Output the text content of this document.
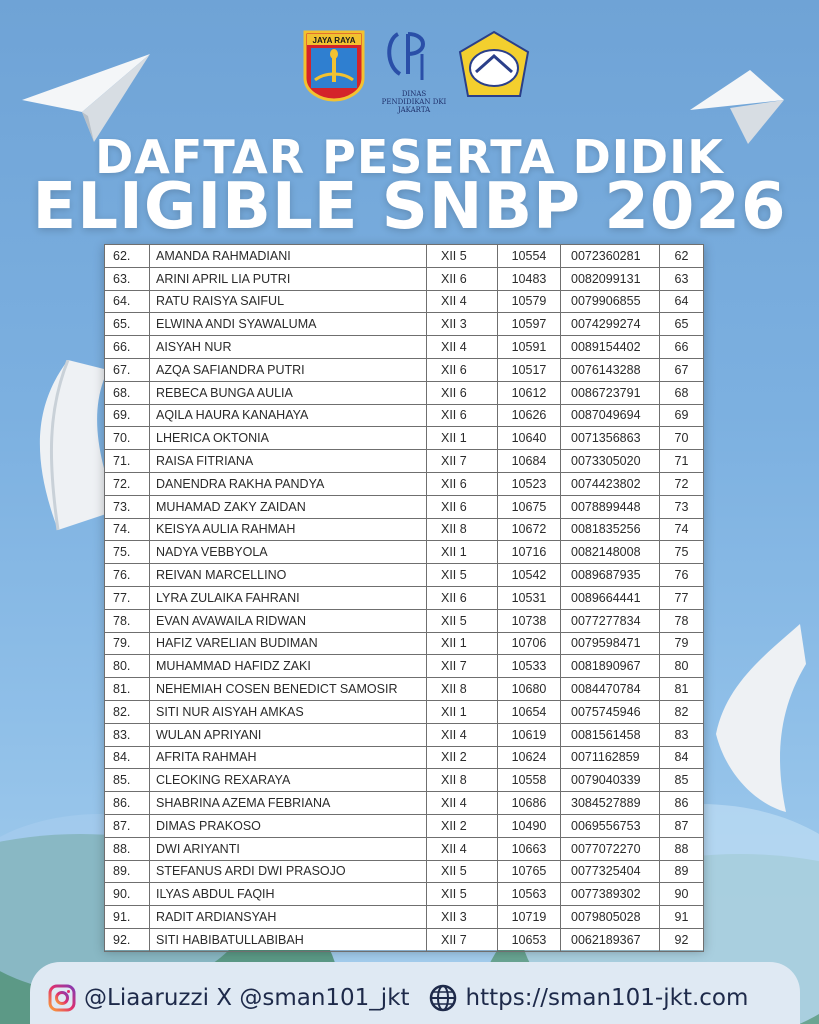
JAYA RAYA
DINAS PENDIDIKAN DKI JAKARTA
DAFTAR PESERTA DIDIK
ELIGIBLE SNBP 2026
62.	AMANDA RAHMADIANI	XII 5	10554	0072360281	62
63.	ARINI APRIL LIA PUTRI	XII 6	10483	0082099131	63
64.	RATU RAISYA SAIFUL	XII 4	10579	0079906855	64
65.	ELWINA ANDI SYAWALUMA	XII 3	10597	0074299274	65
66.	AISYAH NUR	XII 4	10591	0089154402	66
67.	AZQA SAFIANDRA PUTRI	XII 6	10517	0076143288	67
68.	REBECA BUNGA AULIA	XII 6	10612	0086723791	68
69.	AQILA HAURA KANAHAYA	XII 6	10626	0087049694	69
70.	LHERICA OKTONIA	XII 1	10640	0071356863	70
71.	RAISA FITRIANA	XII 7	10684	0073305020	71
72.	DANENDRA RAKHA PANDYA	XII 6	10523	0074423802	72
73.	MUHAMAD ZAKY ZAIDAN	XII 6	10675	0078899448	73
74.	KEISYA AULIA RAHMAH	XII 8	10672	0081835256	74
75.	NADYA VEBBYOLA	XII 1	10716	0082148008	75
76.	REIVAN MARCELLINO	XII 5	10542	0089687935	76
77.	LYRA ZULAIKA FAHRANI	XII 6	10531	0089664441	77
78.	EVAN AVAWAILA RIDWAN	XII 5	10738	0077277834	78
79.	HAFIZ VARELIAN BUDIMAN	XII 1	10706	0079598471	79
80.	MUHAMMAD HAFIDZ ZAKI	XII 7	10533	0081890967	80
81.	NEHEMIAH COSEN BENEDICT SAMOSIR	XII 8	10680	0084470784	81
82.	SITI NUR AISYAH AMKAS	XII 1	10654	0075745946	82
83.	WULAN APRIYANI	XII 4	10619	0081561458	83
84.	AFRITA RAHMAH	XII 2	10624	0071162859	84
85.	CLEOKING REXARAYA	XII 8	10558	0079040339	85
86.	SHABRINA AZEMA FEBRIANA	XII 4	10686	3084527889	86
87.	DIMAS PRAKOSO	XII 2	10490	0069556753	87
88.	DWI ARIYANTI	XII 4	10663	0077072270	88
89.	STEFANUS ARDI DWI PRASOJO	XII 5	10765	0077325404	89
90.	ILYAS ABDUL FAQIH	XII 5	10563	0077389302	90
91.	RADIT ARDIANSYAH	XII 3	10719	0079805028	91
92.	SITI HABIBATULLABIBAH	XII 7	10653	0062189367	92
@Liaaruzzi X @sman101_jkt https://sman101-jkt.com
